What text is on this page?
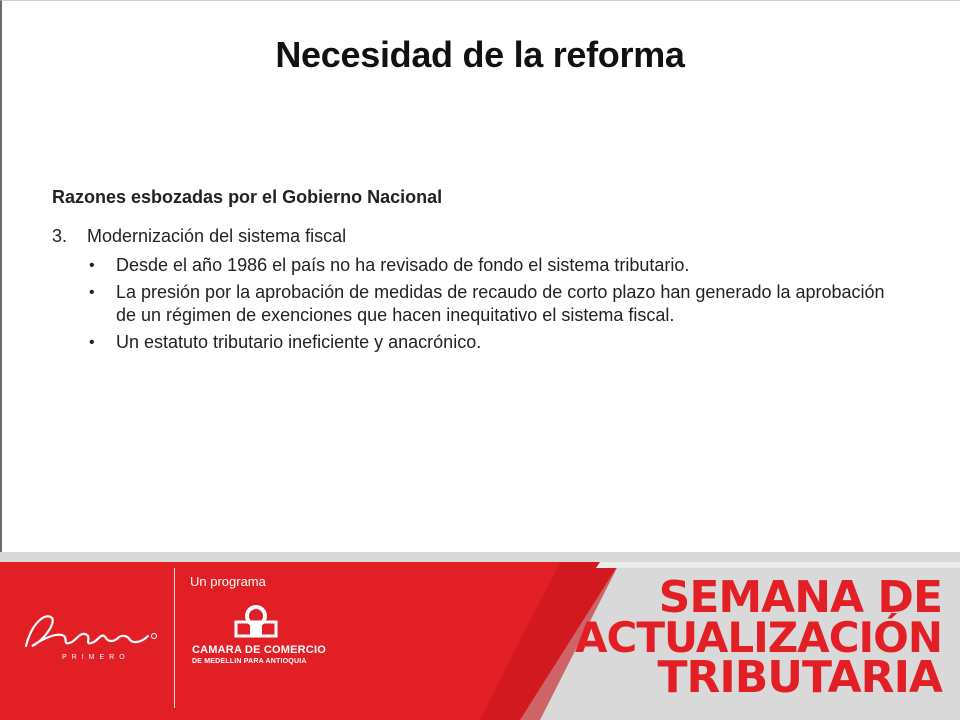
Necesidad de la reforma
Razones esbozadas por el Gobierno Nacional
3. Modernización del sistema fiscal
• Desde el año 1986 el país no ha revisado de fondo el sistema tributario.
• La presión por la aprobación de medidas de recaudo de corto plazo han generado la aprobación de un régimen de exenciones que hacen inequitativo el sistema fiscal.
• Un estatuto tributario ineficiente y anacrónico.
PRIMERO
Un programa
CAMARA DE COMERCIO
DE MEDELLIN PARA ANTIOQUIA
SEMANA DE
ACTUALIZACIÓN
TRIBUTARIA
